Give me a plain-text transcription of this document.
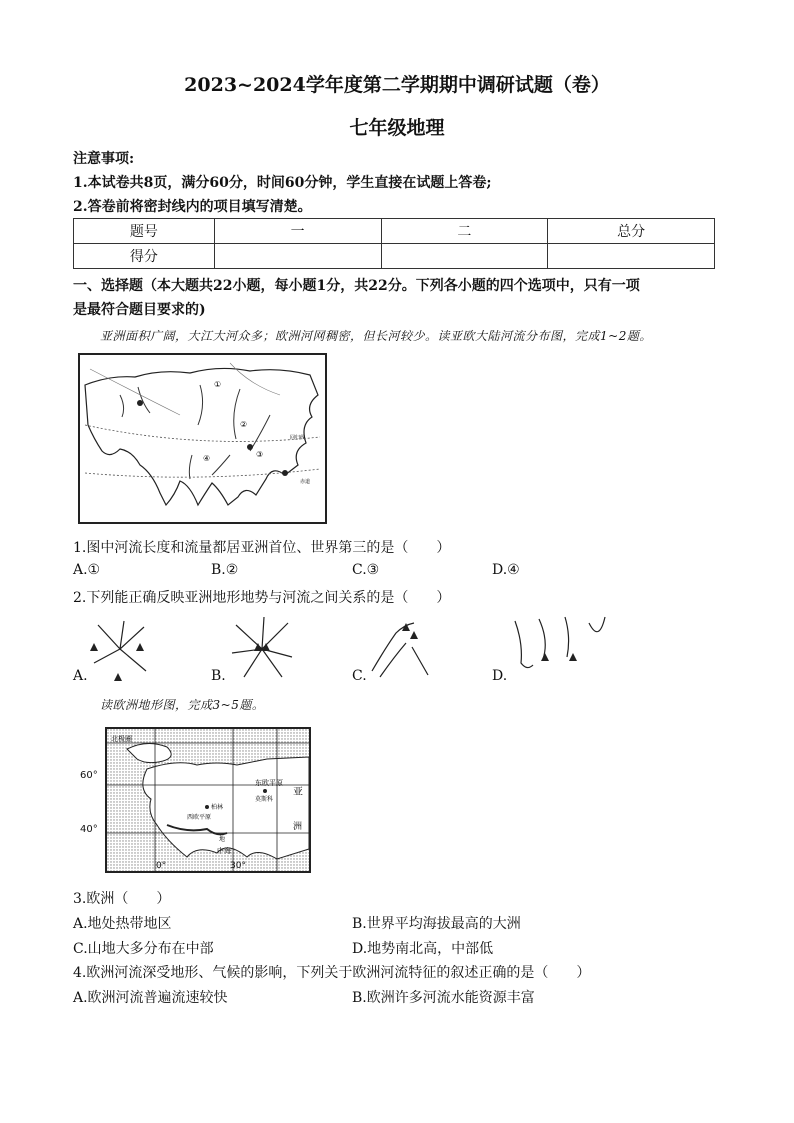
2023~2024学年度第二学期期中调研试题（卷）
七年级地理
注意事项:
1.本试卷共8页，满分60分，时间60分钟，学生直接在试题上答卷;
2.答卷前将密封线内的项目填写清楚。
题号	一	二	总分
得分			
一、选择题（本大题共22小题，每小题1分，共22分。下列各小题的四个选项中，只有一项
是最符合题目要求的)
亚洲面积广阔，大江大河众多；欧洲河网稠密，但长河较少。读亚欧大陆河流分布图，完成1~2题。
①
②
③
④
回归线
赤道
1.图中河流长度和流量都居亚洲首位、世界第三的是（　　）
A.①	B.②	C.③	D.④
2.下列能正确反映亚洲地形地势与河流之间关系的是（　　）
A.	B.	C.	D.
读欧洲地形图，完成3~5题。
60°
40°
北极圈
东欧平原
莫斯科
亚
洲
柏林
西欧平原
地
中海
0°	30°
3.欧洲（　　）
A.地处热带地区	B.世界平均海拔最高的大洲
C.山地大多分布在中部	D.地势南北高，中部低
4.欧洲河流深受地形、气候的影响，下列关于欧洲河流特征的叙述正确的是（　　）
A.欧洲河流普遍流速较快	B.欧洲许多河流水能资源丰富
